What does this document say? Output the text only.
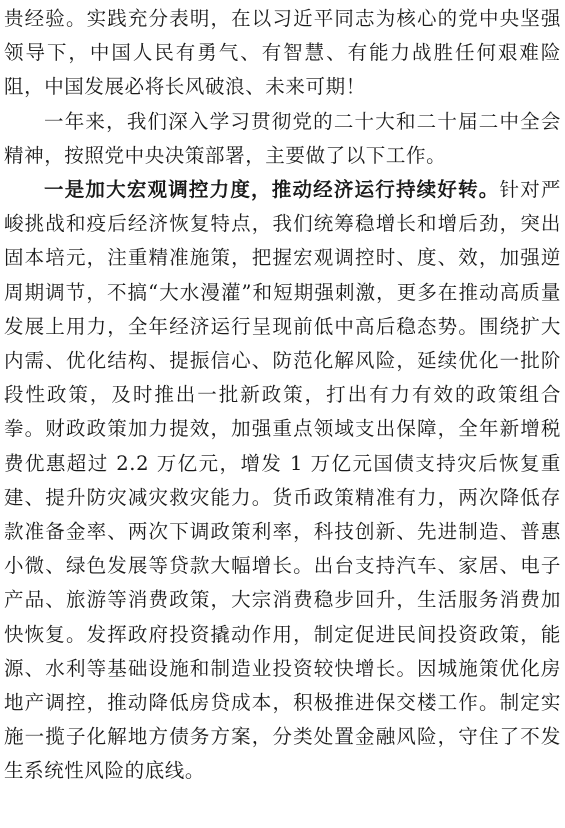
贵经验。实践充分表明，在以习近平同志为核心的党中央坚强领导下，中国人民有勇气、有智慧、有能力战胜任何艰难险阻，中国发展必将长风破浪、未来可期！

一年来，我们深入学习贯彻党的二十大和二十届二中全会精神，按照党中央决策部署，主要做了以下工作。

一是加大宏观调控力度，推动经济运行持续好转。针对严峻挑战和疫后经济恢复特点，我们统筹稳增长和增后劲，突出固本培元，注重精准施策，把握宏观调控时、度、效，加强逆周期调节，不搞“大水漫灌”和短期强刺激，更多在推动高质量发展上用力，全年经济运行呈现前低中高后稳态势。围绕扩大内需、优化结构、提振信心、防范化解风险，延续优化一批阶段性政策，及时推出一批新政策，打出有力有效的政策组合拳。财政政策加力提效，加强重点领域支出保障，全年新增税费优惠超过 2.2 万亿元，增发 1 万亿元国债支持灾后恢复重建、提升防灾减灾救灾能力。货币政策精准有力，两次降低存款准备金率、两次下调政策利率，科技创新、先进制造、普惠小微、绿色发展等贷款大幅增长。出台支持汽车、家居、电子产品、旅游等消费政策，大宗消费稳步回升，生活服务消费加快恢复。发挥政府投资撬动作用，制定促进民间投资政策，能源、水利等基础设施和制造业投资较快增长。因城施策优化房地产调控，推动降低房贷成本，积极推进保交楼工作。制定实施一揽子化解地方债务方案，分类处置金融风险，守住了不发生系统性风险的底线。
